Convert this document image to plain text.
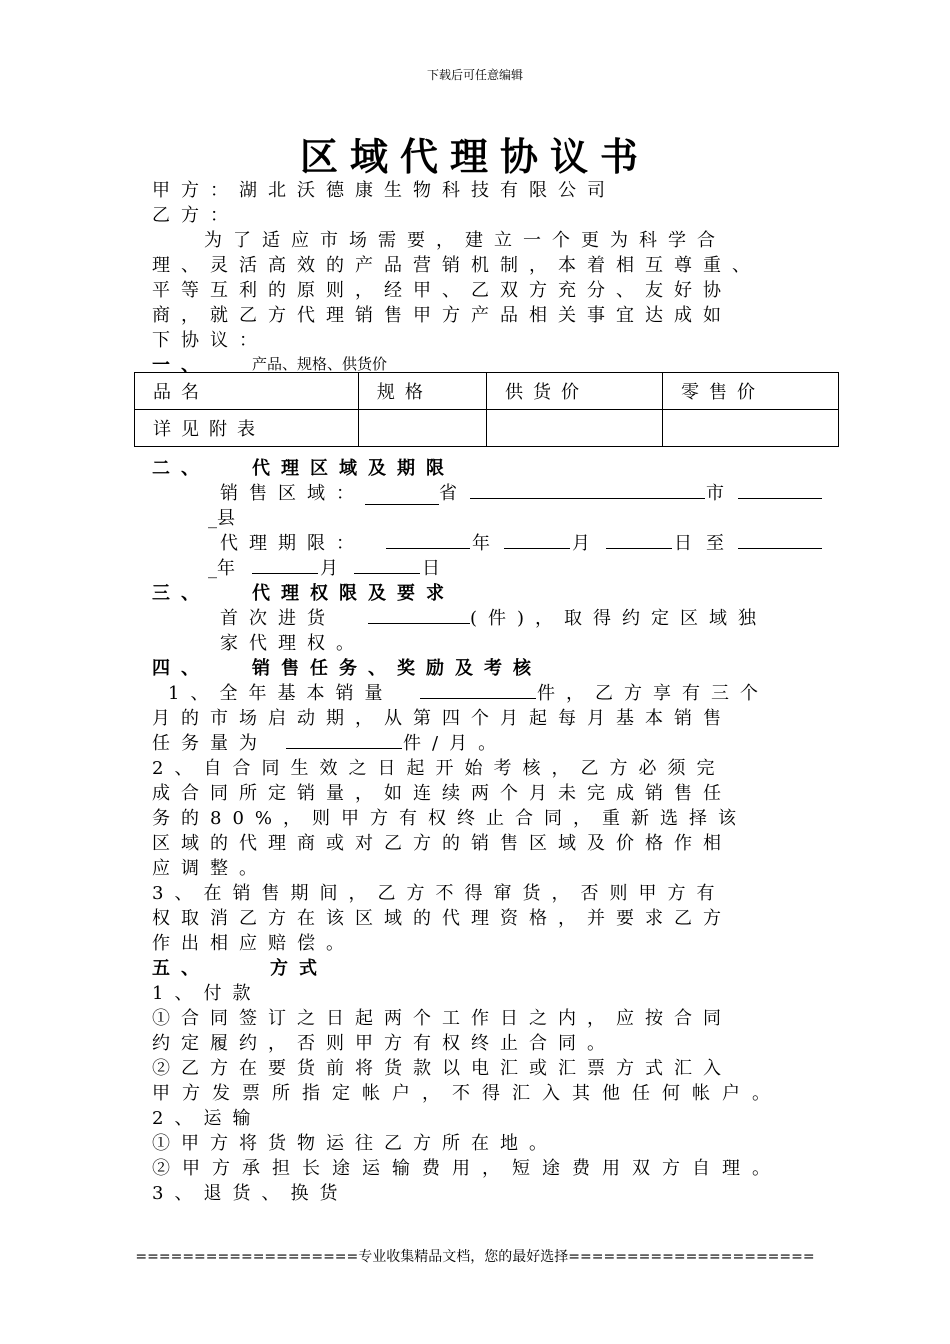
下载后可任意编辑
区域代理协议书
甲方：湖北沃德康生物科技有限公司
乙方：
为了适应市场需要，建立一个更为科学合
理、灵活高效的产品营销机制，本着相互尊重、
平等互利的原则，经甲、乙双方充分、友好协
商，就乙方代理销售甲方产品相关事宜达成如
下协议：
一、	产品、规格、供货价
品名	规格	供货价	零售价
详见附表			
二、 代理区域及期限
销售区域：	省	市
_县
代理期限：	年	月	日 至
_年	月	日
三、 代理权限及要求
首次进货	(件)，取得约定区域独
家代理权。
四、 销售任务、奖励及考核
1、全年基本销量	件，乙方享有三个
月的市场启动期，从第四个月起每月基本销售
任务量为	件/月。
2、自合同生效之日起开始考核，乙方必须完
成合同所定销量，如连续两个月未完成销售任
务的80%，则甲方有权终止合同，重新选择该
区域的代理商或对乙方的销售区域及价格作相
应调整。
3、在销售期间，乙方不得窜货，否则甲方有
权取消乙方在该区域的代理资格，并要求乙方
作出相应赔偿。
五、	方式
1、付款
①合同签订之日起两个工作日之内，应按合同
约定履约，否则甲方有权终止合同。
②乙方在要货前将货款以电汇或汇票方式汇入
甲方发票所指定帐户，不得汇入其他任何帐户。
2、运输
①甲方将货物运往乙方所在地。
②甲方承担长途运输费用，短途费用双方自理。
3、退货、换货
===================专业收集精品文档，您的最好选择=====================
